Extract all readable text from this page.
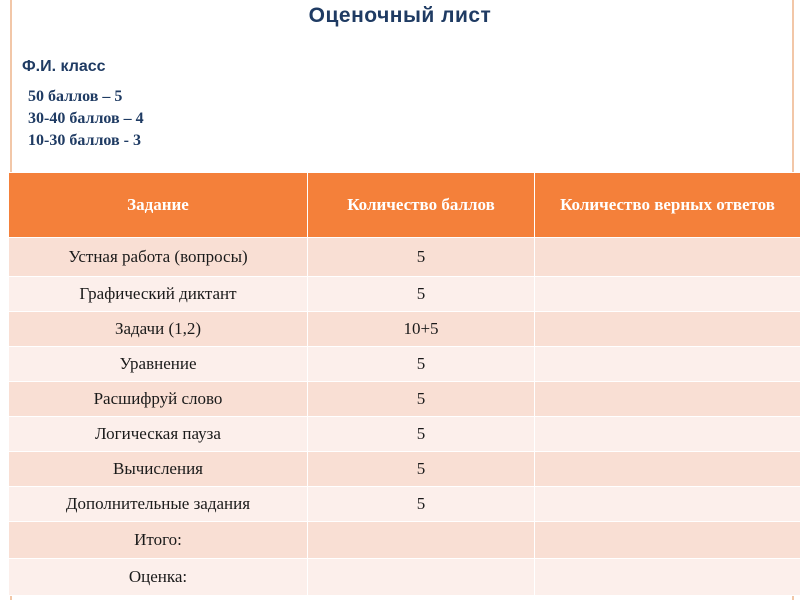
Оценочный лист
Ф.И. класс
50 баллов – 5
30-40 баллов – 4
10-30 баллов - 3
Задание	Количество баллов	Количество верных ответов
Устная работа (вопросы)	5	
Графический диктант	5	
Задачи (1,2)	10+5	
Уравнение	5	
Расшифруй слово	5	
Логическая пауза	5	
Вычисления	5	
Дополнительные задания	5	
Итого:		
Оценка:		
